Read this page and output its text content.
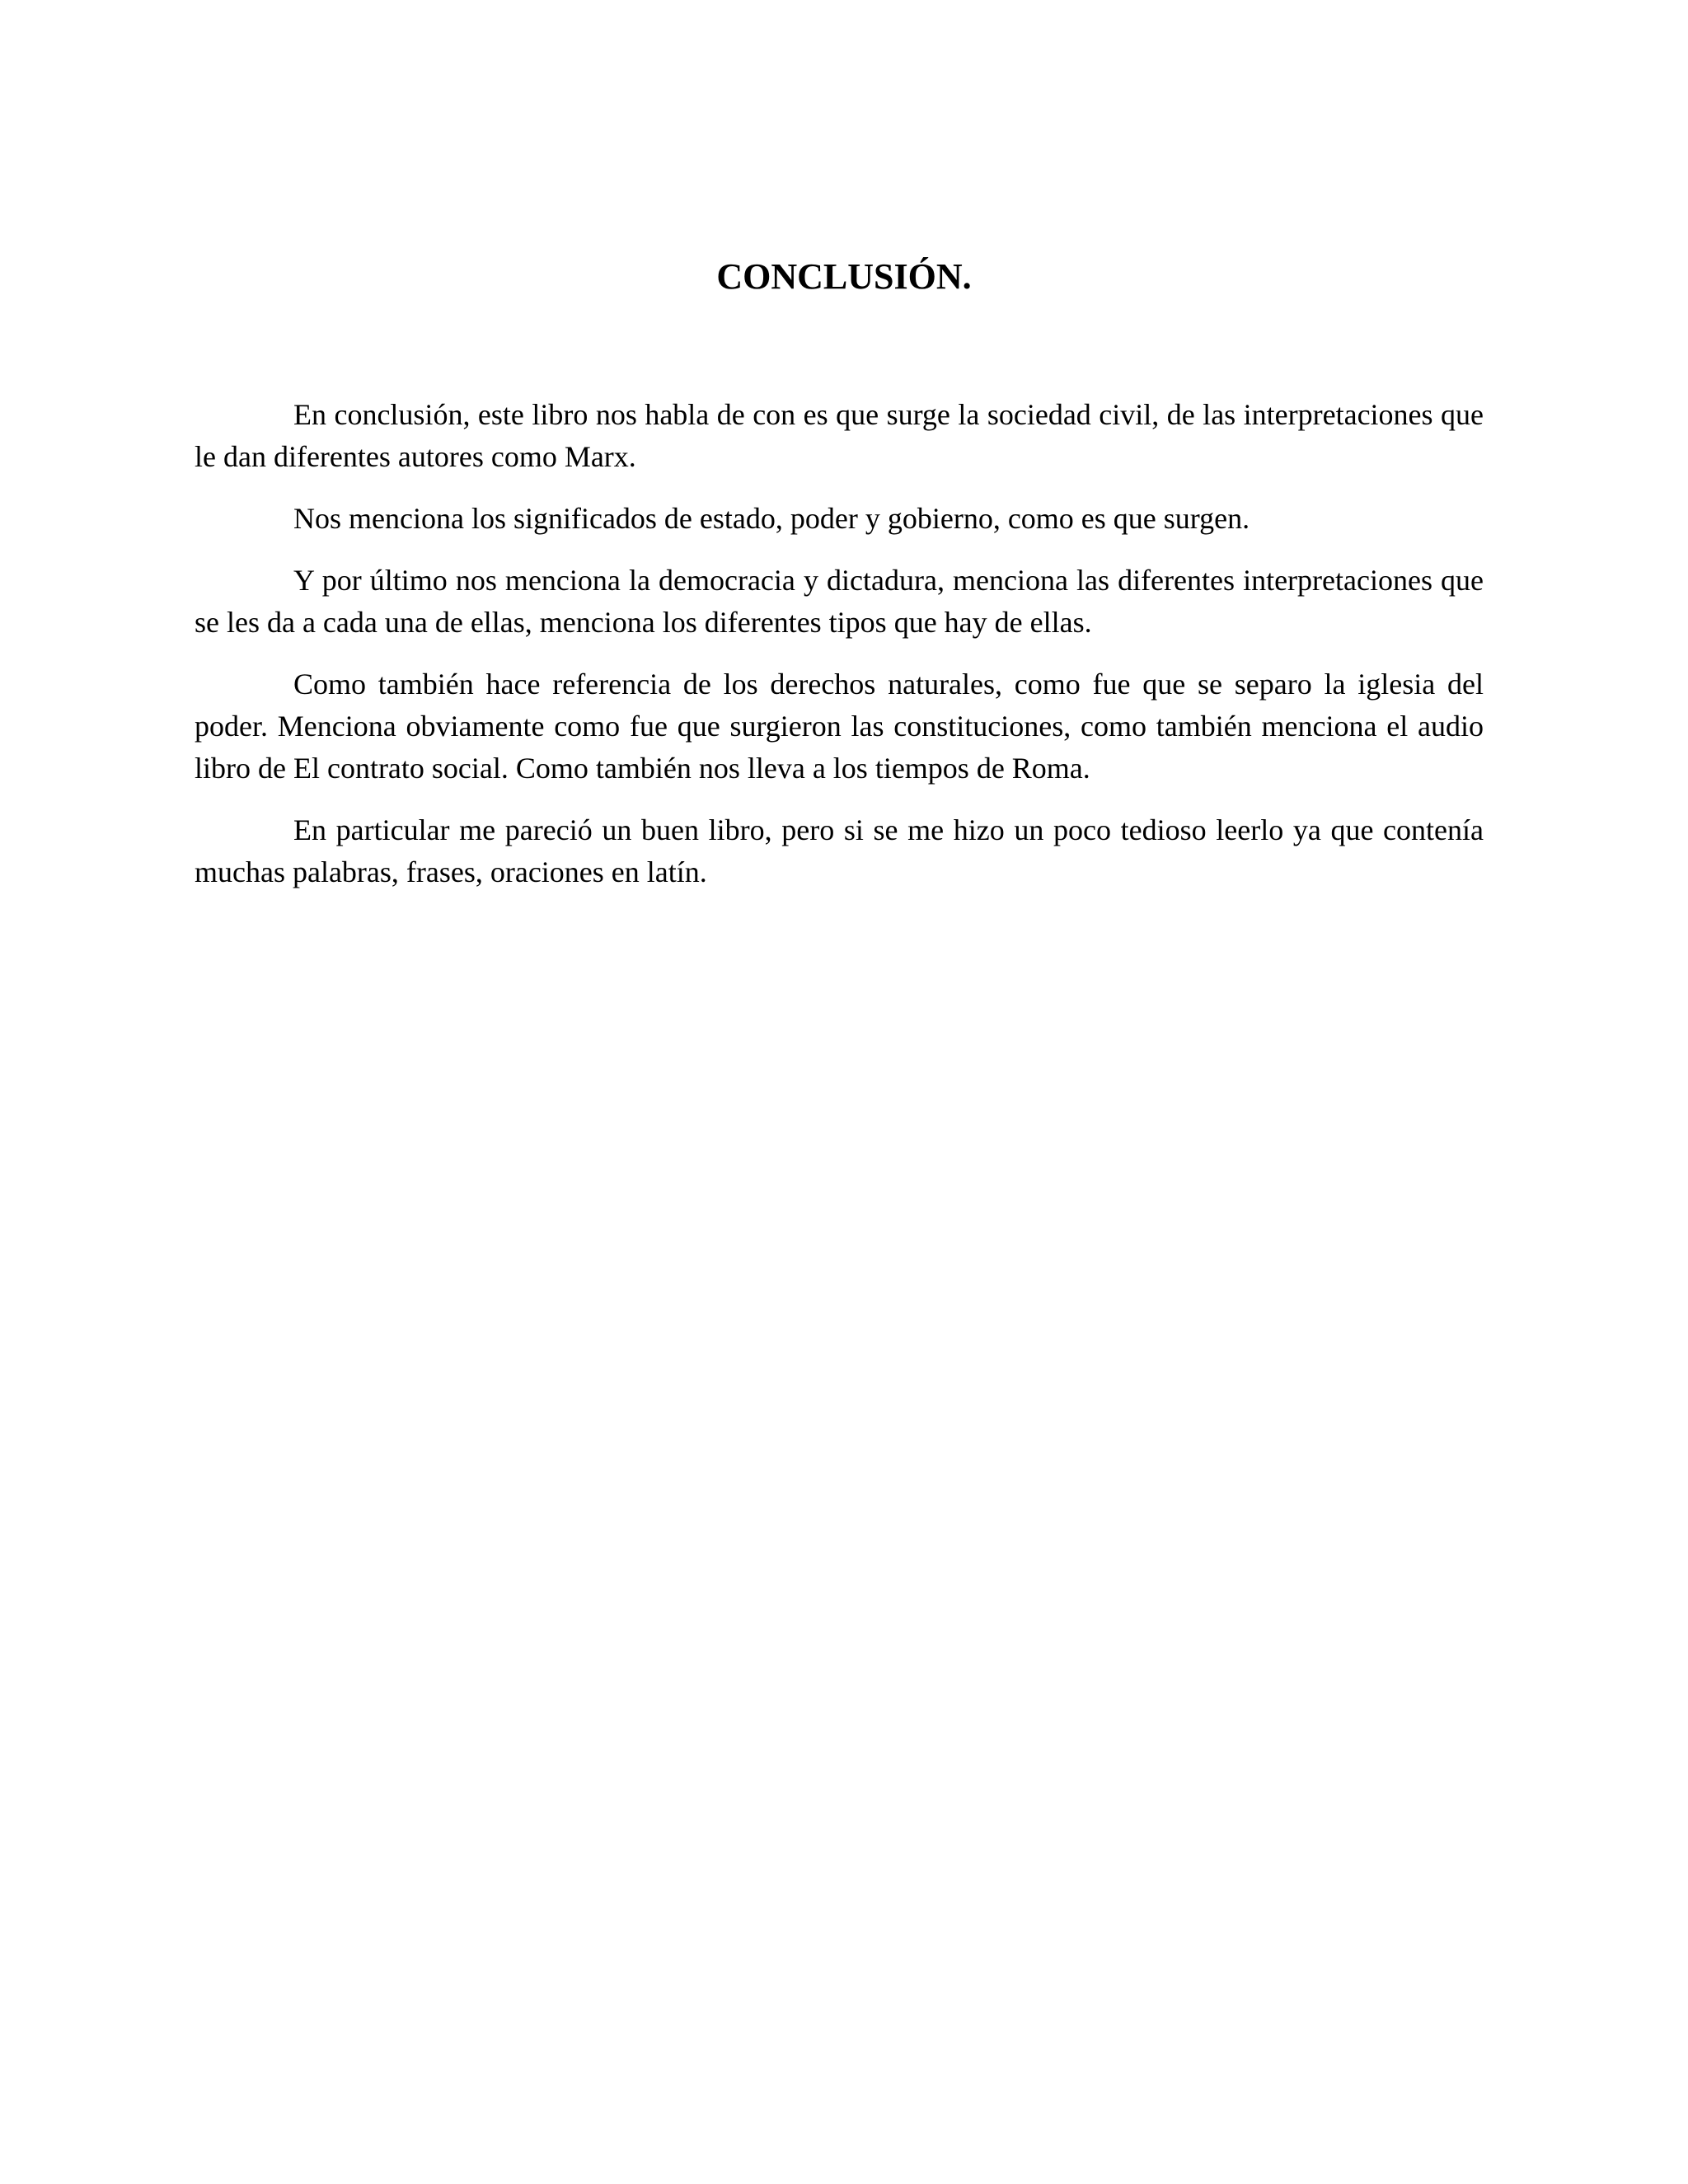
CONCLUSIÓN.

En conclusión, este libro nos habla de con es que surge la sociedad civil, de las interpretaciones que le dan diferentes autores como Marx.

Nos menciona los significados de estado, poder y gobierno, como es que surgen.

Y por último nos menciona la democracia y dictadura, menciona las diferentes interpretaciones que se les da a cada una de ellas, menciona los diferentes tipos que hay de ellas.

Como también hace referencia de los derechos naturales, como fue que se separo la iglesia del poder. Menciona obviamente como fue que surgieron las constituciones, como también menciona el audio libro de El contrato social. Como también nos lleva a los tiempos de Roma.

En particular me pareció un buen libro, pero si se me hizo un poco tedioso leerlo ya que contenía muchas palabras, frases, oraciones en latín.
